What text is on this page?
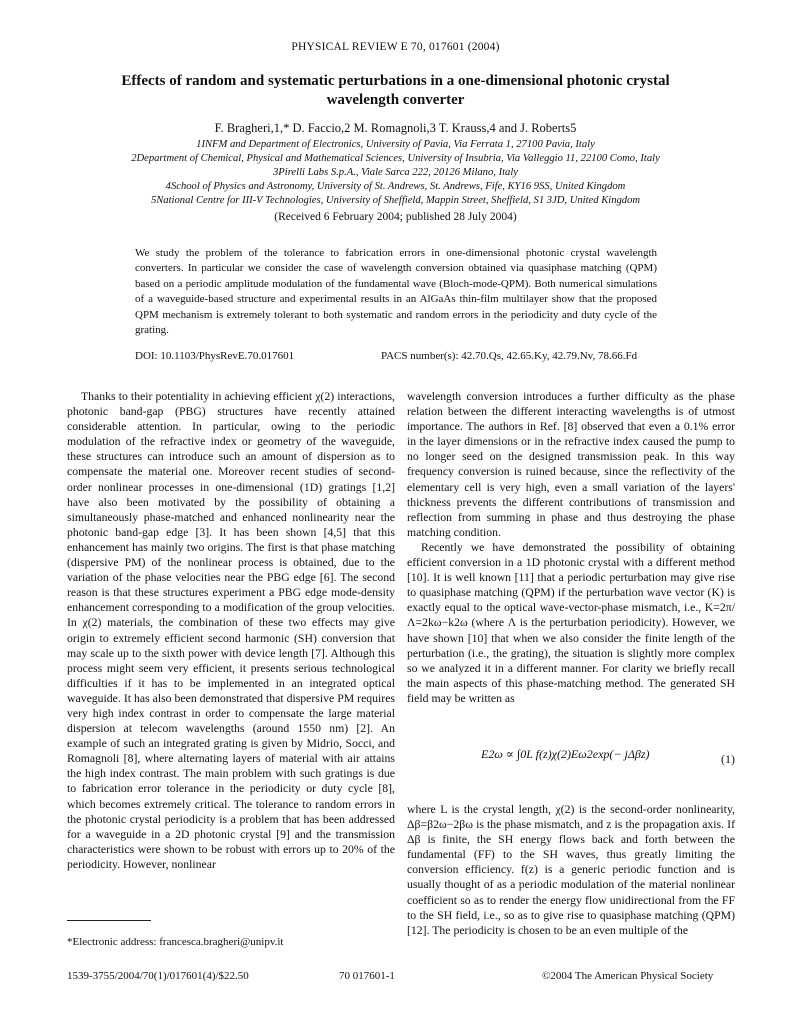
PHYSICAL REVIEW E 70, 017601 (2004)
Effects of random and systematic perturbations in a one-dimensional photonic crystal
wavelength converter
F. Bragheri,1,* D. Faccio,2 M. Romagnoli,3 T. Krauss,4 and J. Roberts5
1INFM and Department of Electronics, University of Pavia, Via Ferrata 1, 27100 Pavia, Italy
2Department of Chemical, Physical and Mathematical Sciences, University of Insubria, Via Valleggio 11, 22100 Como, Italy
3Pirelli Labs S.p.A., Viale Sarca 222, 20126 Milano, Italy
4School of Physics and Astronomy, University of St. Andrews, St. Andrews, Fife, KY16 9SS, United Kingdom
5National Centre for III-V Technologies, University of Sheffield, Mappin Street, Sheffield, S1 3JD, United Kingdom
(Received 6 February 2004; published 28 July 2004)
We study the problem of the tolerance to fabrication errors in one-dimensional photonic crystal wavelength converters. In particular we consider the case of wavelength conversion obtained via quasiphase matching (QPM) based on a periodic amplitude modulation of the fundamental wave (Bloch-mode-QPM). Both numerical simulations of a waveguide-based structure and experimental results in an AlGaAs thin-film multilayer show that the proposed QPM mechanism is extremely tolerant to both systematic and random errors in the periodicity and duty cycle of the grating.
DOI: 10.1103/PhysRevE.70.017601	PACS number(s): 42.70.Qs, 42.65.Ky, 42.79.Nv, 78.66.Fd

Thanks to their potentiality in achieving efficient χ(2) interactions, photonic band-gap (PBG) structures have recently attained considerable attention. In particular, owing to the periodic modulation of the refractive index or geometry of the waveguide, these structures can introduce such an amount of dispersion as to compensate the material one. Moreover recent studies of second-order nonlinear processes in one-dimensional (1D) gratings [1,2] have also been motivated by the possibility of obtaining a simultaneously phase-matched and enhanced nonlinearity near the photonic band-gap edge [3]. It has been shown [4,5] that this enhancement has mainly two origins. The first is that phase matching (dispersive PM) of the nonlinear process is obtained, due to the variation of the phase velocities near the PBG edge [6]. The second reason is that these structures experiment a PBG edge mode-density enhancement corresponding to a modification of the group velocities. In χ(2) materials, the combination of these two effects may give origin to extremely efficient second harmonic (SH) conversion that may scale up to the sixth power with device length [7]. Although this process might seem very efficient, it presents serious technological difficulties if it has to be implemented in an integrated optical waveguide. It has also been demonstrated that dispersive PM requires very high index contrast in order to compensate the large material dispersion at telecom wavelengths (around 1550 nm) [2]. An example of such an integrated grating is given by Midrio, Socci, and Romagnoli [8], where alternating layers of material with air attains the high index contrast. The main problem with such gratings is due to fabrication error tolerance in the periodicity or duty cycle [8], which becomes extremely critical. The tolerance to random errors in the photonic crystal periodicity is a problem that has been addressed for a waveguide in a 2D photonic crystal [9] and the transmission characteristics were shown to be robust with errors up to 20% of the periodicity. However, nonlinear

wavelength conversion introduces a further difficulty as the phase relation between the different interacting wavelengths is of utmost importance. The authors in Ref. [8] observed that even a 0.1% error in the layer dimensions or in the refractive index caused the pump to no longer seed on the designed transmission peak. In this way frequency conversion is ruined because, since the reflectivity of the elementary cell is very high, even a small variation of the layers' thickness prevents the different contributions of transmission and reflection from summing in phase and thus destroying the phase matching condition.

Recently we have demonstrated the possibility of obtaining efficient conversion in a 1D photonic crystal with a different method [10]. It is well known [11] that a periodic perturbation may give rise to quasiphase matching (QPM) if the perturbation wave vector (K) is exactly equal to the optical wave-vector-phase mismatch, i.e., K=2π/Λ=2kω−k2ω (where Λ is the perturbation periodicity). However, we have shown [10] that when we also consider the finite length of the perturbation (i.e., the grating), the situation is slightly more complex so we analyzed it in a different manner. For clarity we briefly recall the main aspects of this phase-matching method. The generated SH field may be written as

E2ω ∝ ∫0L f(z)χ(2)Eω2exp(− jΔβz)	(1)

where L is the crystal length, χ(2) is the second-order nonlinearity, Δβ=β2ω−2βω is the phase mismatch, and z is the propagation axis. If Δβ is finite, the SH energy flows back and forth between the fundamental (FF) to the SH waves, thus greatly limiting the conversion efficiency. f(z) is a generic periodic function and is usually thought of as a periodic modulation of the material nonlinear coefficient so as to render the energy flow unidirectional from the FF to the SH field, i.e., so as to give rise to quasiphase matching (QPM) [12]. The periodicity is chosen to be an even multiple of the

*Electronic address: francesca.bragheri@unipv.it
1539-3755/2004/70(1)/017601(4)/$22.50	70 017601-1	©2004 The American Physical Society
